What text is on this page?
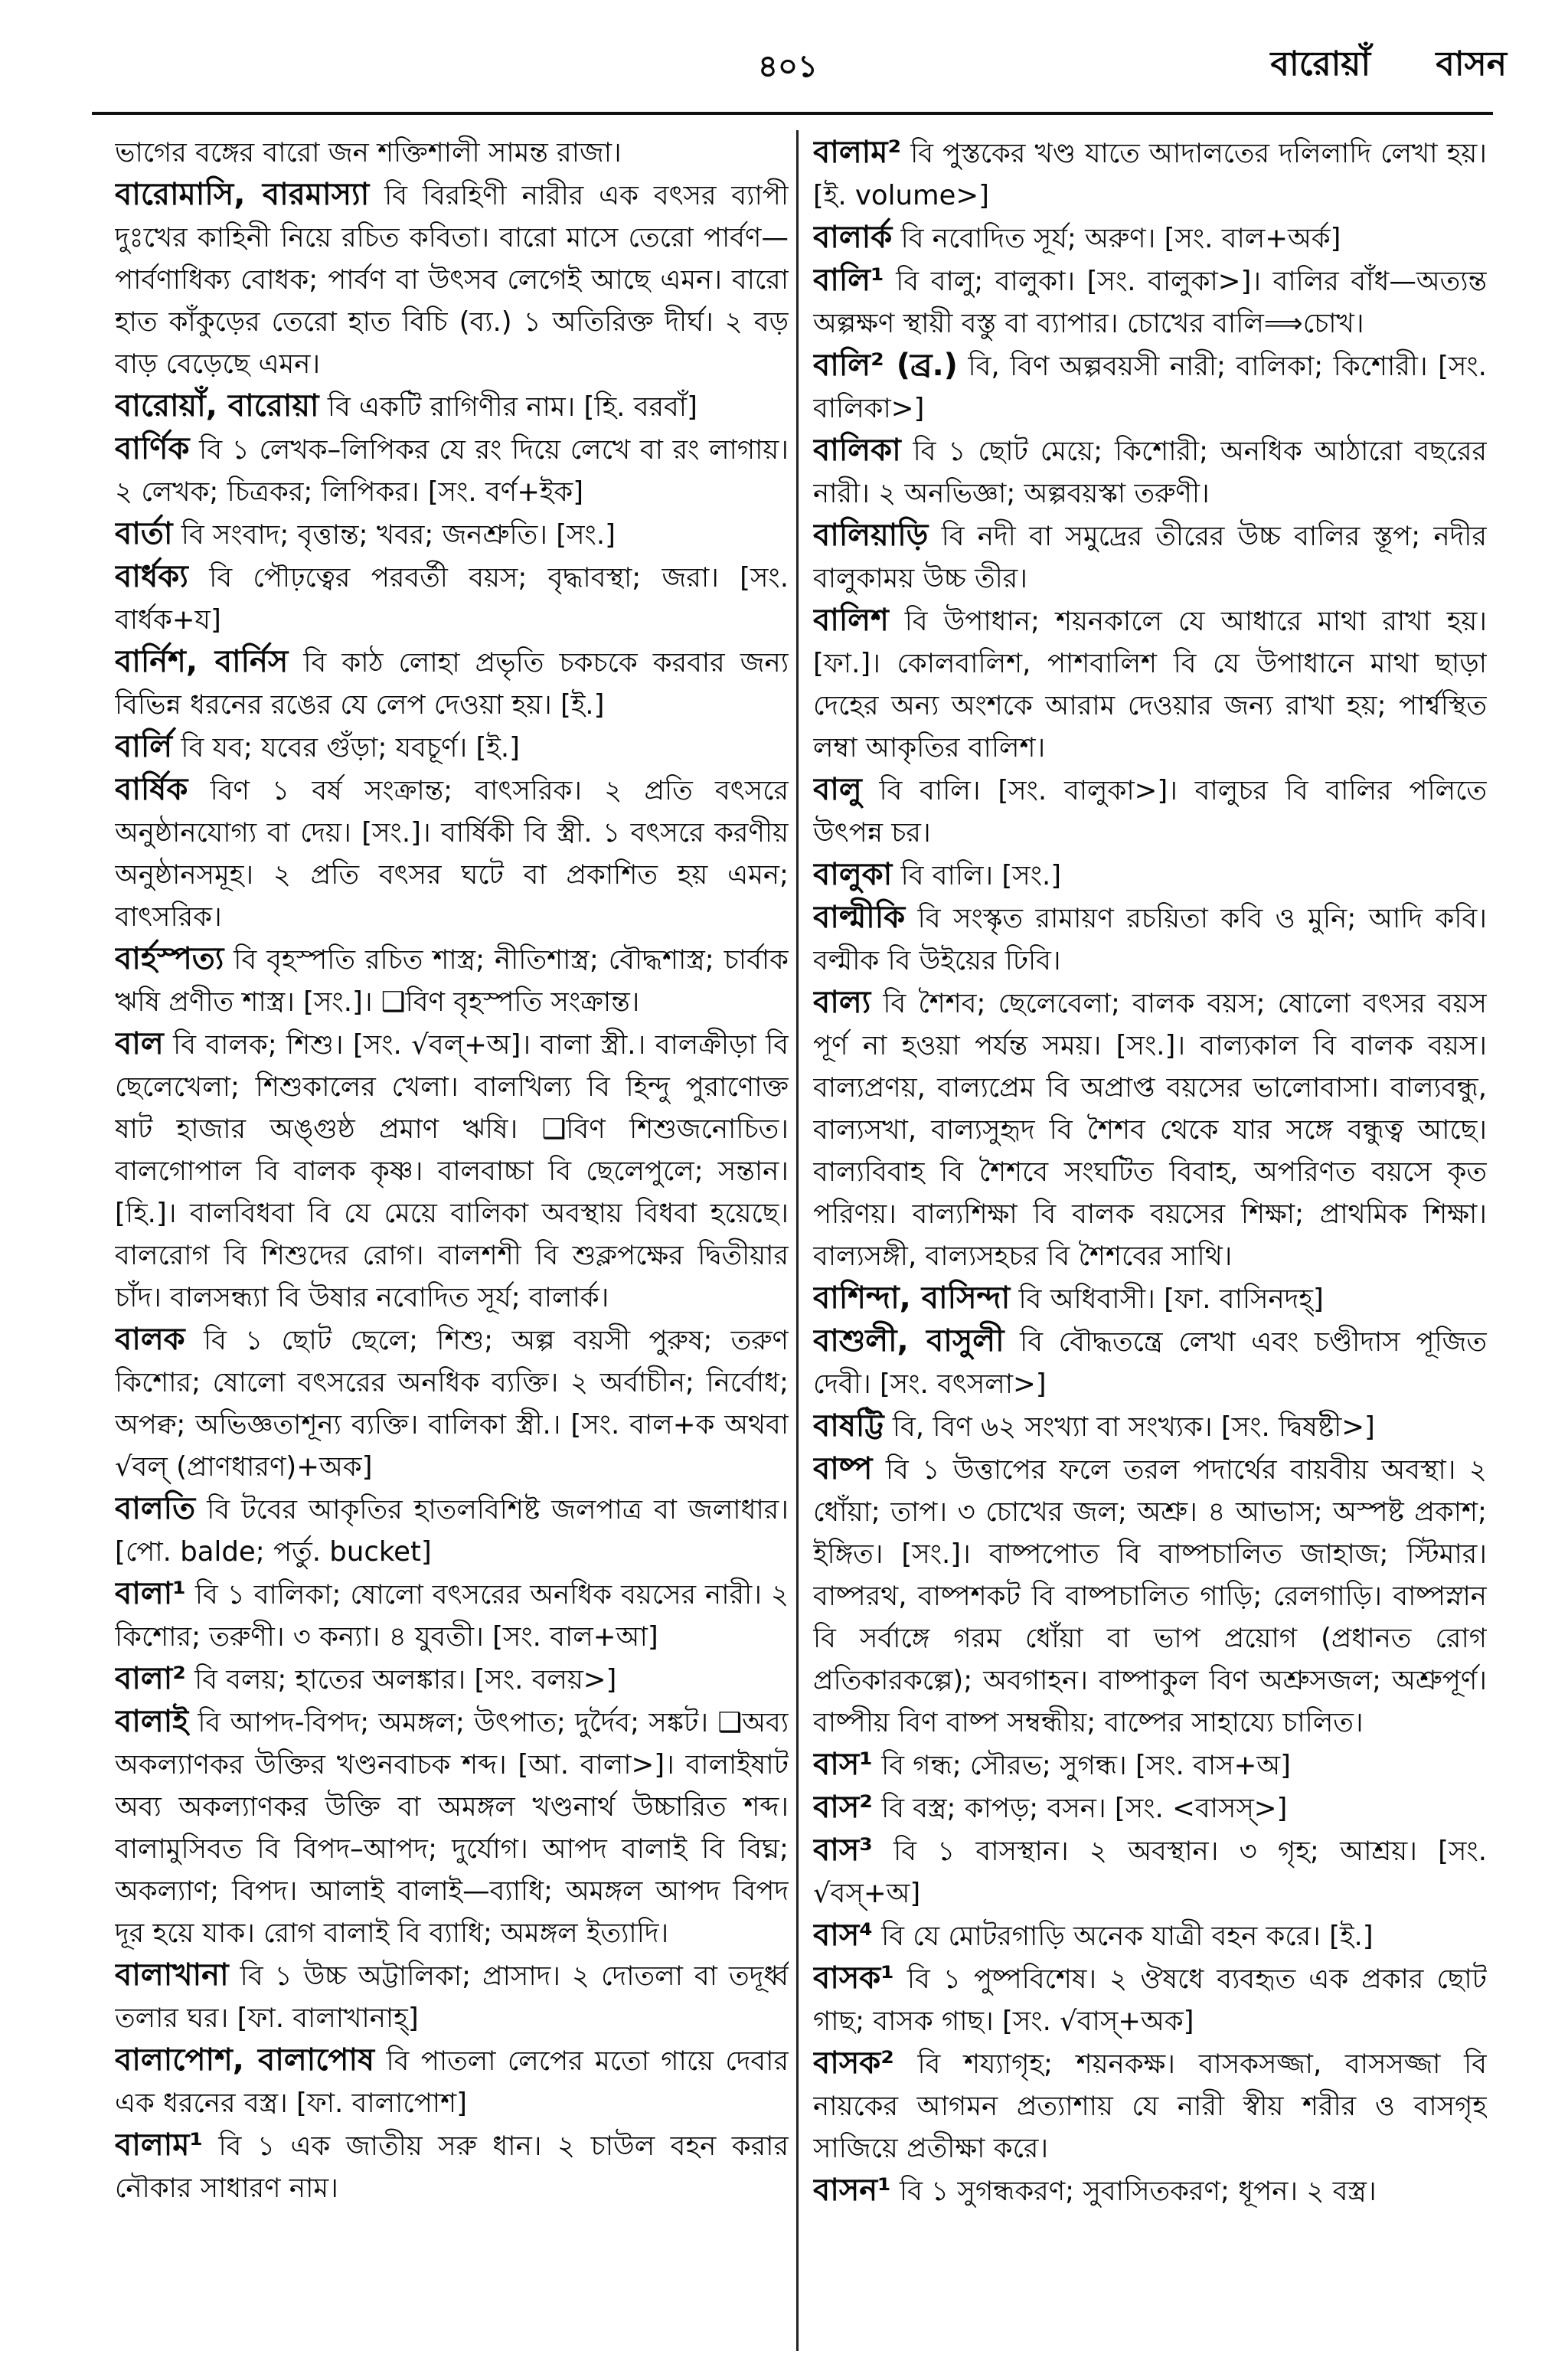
৪০১	বারোয়াঁ বাসন

ভাগের বঙ্গের বারো জন শক্তিশালী সামন্ত রাজা।

বারোমাসি, বারমাস্যা বি বিরহিণী নারীর এক বৎসর ব্যাপী দুঃখের কাহিনী নিয়ে রচিত কবিতা। বারো মাসে তেরো পার্বণ—পার্বণাধিক্য বোধক; পার্বণ বা উৎসব লেগেই আছে এমন। বারো হাত কাঁকুড়ের তেরো হাত বিচি (ব্য.) ১ অতিরিক্ত দীর্ঘ। ২ বড় বাড় বেড়েছে এমন।

বারোয়াঁ, বারোয়া বি একটি রাগিণীর নাম। [হি. বরবাঁ]

বার্ণিক বি ১ লেখক–লিপিকর যে রং দিয়ে লেখে বা রং লাগায়। ২ লেখক; চিত্রকর; লিপিকর। [সং. বর্ণ+ইক]

বার্তা বি সংবাদ; বৃত্তান্ত; খবর; জনশ্রুতি। [সং.]

বার্ধক্য বি পৌঢ়ত্বের পরবর্তী বয়স; বৃদ্ধাবস্থা; জরা। [সং. বার্ধক+য]

বার্নিশ, বার্নিস বি কাঠ লোহা প্রভৃতি চকচকে করবার জন্য বিভিন্ন ধরনের রঙের যে লেপ দেওয়া হয়। [ই.]

বার্লি বি যব; যবের গুঁড়া; যবচূর্ণ। [ই.]

বার্ষিক বিণ ১ বর্ষ সংক্রান্ত; বাৎসরিক। ২ প্রতি বৎসরে অনুষ্ঠানযোগ্য বা দেয়। [সং.]। বার্ষিকী বি স্ত্রী. ১ বৎসরে করণীয় অনুষ্ঠানসমূহ। ২ প্রতি বৎসর ঘটে বা প্রকাশিত হয় এমন; বাৎসরিক।

বার্হস্পত্য বি বৃহস্পতি রচিত শাস্ত্র; নীতিশাস্ত্র; বৌদ্ধশাস্ত্র; চার্বাক ঋষি প্রণীত শাস্ত্র। [সং.]। ❑বিণ বৃহস্পতি সংক্রান্ত।

বাল বি বালক; শিশু। [সং. √বল্+অ]। বালা স্ত্রী.। বালক্রীড়া বি ছেলেখেলা; শিশুকালের খেলা। বালখিল্য বি হিন্দু পুরাণোক্ত ষাট হাজার অঙ্গুষ্ঠ প্রমাণ ঋষি। ❑বিণ শিশুজনোচিত। বালগোপাল বি বালক কৃষ্ণ। বালবাচ্চা বি ছেলেপুলে; সন্তান। [হি.]। বালবিধবা বি যে মেয়ে বালিকা অবস্থায় বিধবা হয়েছে। বালরোগ বি শিশুদের রোগ। বালশশী বি শুক্লপক্ষের দ্বিতীয়ার চাঁদ। বালসন্ধ্যা বি উষার নবোদিত সূর্য; বালার্ক।

বালক বি ১ ছোট ছেলে; শিশু; অল্প বয়সী পুরুষ; তরুণ কিশোর; ষোলো বৎসরের অনধিক ব্যক্তি। ২ অর্বাচীন; নির্বোধ; অপক্ব; অভিজ্ঞতাশূন্য ব্যক্তি। বালিকা স্ত্রী.। [সং. বাল+ক অথবা √বল্ (প্রাণধারণ)+অক]

বালতি বি টবের আকৃতির হাতলবিশিষ্ট জলপাত্র বা জলাধার। [পো. balde; পর্তু. bucket]

বালা¹ বি ১ বালিকা; ষোলো বৎসরের অনধিক বয়সের নারী। ২ কিশোর; তরুণী। ৩ কন্যা। ৪ যুবতী। [সং. বাল+আ]

বালা² বি বলয়; হাতের অলঙ্কার। [সং. বলয়>]

বালাই বি আপদ-বিপদ; অমঙ্গল; উৎপাত; দুর্দৈব; সঙ্কট। ❑অব্য অকল্যাণকর উক্তির খণ্ডনবাচক শব্দ। [আ. বালা>]। বালাইষাট অব্য অকল্যাণকর উক্তি বা অমঙ্গল খণ্ডনার্থ উচ্চারিত শব্দ। বালামুসিবত বি বিপদ–আপদ; দুর্যোগ। আপদ বালাই বি বিঘ্ন; অকল্যাণ; বিপদ। আলাই বালাই—ব্যাধি; অমঙ্গল আপদ বিপদ দূর হয়ে যাক। রোগ বালাই বি ব্যাধি; অমঙ্গল ইত্যাদি।

বালাখানা বি ১ উচ্চ অট্টালিকা; প্রাসাদ। ২ দোতলা বা তদূর্ধ্ব তলার ঘর। [ফা. বালাখানাহ্]

বালাপোশ, বালাপোষ বি পাতলা লেপের মতো গায়ে দেবার এক ধরনের বস্ত্র। [ফা. বালাপোশ]

বালাম¹ বি ১ এক জাতীয় সরু ধান। ২ চাউল বহন করার নৌকার সাধারণ নাম।

বালাম² বি পুস্তকের খণ্ড যাতে আদালতের দলিলাদি লেখা হয়। [ই. volume>]

বালার্ক বি নবোদিত সূর্য; অরুণ। [সং. বাল+অর্ক]

বালি¹ বি বালু; বালুকা। [সং. বালুকা>]। বালির বাঁধ—অত্যন্ত অল্পক্ষণ স্থায়ী বস্তু বা ব্যাপার। চোখের বালি⟹চোখ।

বালি² (ব্র.) বি, বিণ অল্পবয়সী নারী; বালিকা; কিশোরী। [সং. বালিকা>]

বালিকা বি ১ ছোট মেয়ে; কিশোরী; অনধিক আঠারো বছরের নারী। ২ অনভিজ্ঞা; অল্পবয়স্কা তরুণী।

বালিয়াড়ি বি নদী বা সমুদ্রের তীরের উচ্চ বালির স্তূপ; নদীর বালুকাময় উচ্চ তীর।

বালিশ বি উপাধান; শয়নকালে যে আধারে মাথা রাখা হয়। [ফা.]। কোলবালিশ, পাশবালিশ বি যে উপাধানে মাথা ছাড়া দেহের অন্য অংশকে আরাম দেওয়ার জন্য রাখা হয়; পার্শ্বস্থিত লম্বা আকৃতির বালিশ।

বালু বি বালি। [সং. বালুকা>]। বালুচর বি বালির পলিতে উৎপন্ন চর।

বালুকা বি বালি। [সং.]

বাল্মীকি বি সংস্কৃত রামায়ণ রচয়িতা কবি ও মুনি; আদি কবি। বল্মীক বি উইয়ের ঢিবি।

বাল্য বি শৈশব; ছেলেবেলা; বালক বয়স; ষোলো বৎসর বয়স পূর্ণ না হওয়া পর্যন্ত সময়। [সং.]। বাল্যকাল বি বালক বয়স। বাল্যপ্রণয়, বাল্যপ্রেম বি অপ্রাপ্ত বয়সের ভালোবাসা। বাল্যবন্ধু, বাল্যসখা, বাল্যসুহৃদ বি শৈশব থেকে যার সঙ্গে বন্ধুত্ব আছে। বাল্যবিবাহ বি শৈশবে সংঘটিত বিবাহ, অপরিণত বয়সে কৃত পরিণয়। বাল্যশিক্ষা বি বালক বয়সের শিক্ষা; প্রাথমিক শিক্ষা। বাল্যসঙ্গী, বাল্যসহচর বি শৈশবের সাথি।

বাশিন্দা, বাসিন্দা বি অধিবাসী। [ফা. বাসিনদহ্]

বাশুলী, বাসুলী বি বৌদ্ধতন্ত্রে লেখা এবং চণ্ডীদাস পূজিত দেবী। [সং. বৎসলা>]

বাষট্টি বি, বিণ ৬২ সংখ্যা বা সংখ্যক। [সং. দ্বিষষ্টী>]

বাষ্প বি ১ উত্তাপের ফলে তরল পদার্থের বায়বীয় অবস্থা। ২ ধোঁয়া; তাপ। ৩ চোখের জল; অশ্রু। ৪ আভাস; অস্পষ্ট প্রকাশ; ইঙ্গিত। [সং.]। বাষ্পপোত বি বাষ্পচালিত জাহাজ; স্টিমার। বাষ্পরথ, বাষ্পশকট বি বাষ্পচালিত গাড়ি; রেলগাড়ি। বাষ্পস্নান বি সর্বাঙ্গে গরম ধোঁয়া বা ভাপ প্রয়োগ (প্রধানত রোগ প্রতিকারকল্পে); অবগাহন। বাষ্পাকুল বিণ অশ্রুসজল; অশ্রুপূর্ণ। বাষ্পীয় বিণ বাষ্প সম্বন্ধীয়; বাষ্পের সাহায্যে চালিত।

বাস¹ বি গন্ধ; সৌরভ; সুগন্ধ। [সং. বাস+অ]

বাস² বি বস্ত্র; কাপড়; বসন। [সং. <বাসস্>]

বাস³ বি ১ বাসস্থান। ২ অবস্থান। ৩ গৃহ; আশ্রয়। [সং. √বস্+অ]

বাস⁴ বি যে মোটরগাড়ি অনেক যাত্রী বহন করে। [ই.]

বাসক¹ বি ১ পুষ্পবিশেষ। ২ ঔষধে ব্যবহৃত এক প্রকার ছোট গাছ; বাসক গাছ। [সং. √বাস্+অক]

বাসক² বি শয্যাগৃহ; শয়নকক্ষ। বাসকসজ্জা, বাসসজ্জা বি নায়কের আগমন প্রত্যাশায় যে নারী স্বীয় শরীর ও বাসগৃহ সাজিয়ে প্রতীক্ষা করে।

বাসন¹ বি ১ সুগন্ধকরণ; সুবাসিতকরণ; ধূপন। ২ বস্ত্র।
